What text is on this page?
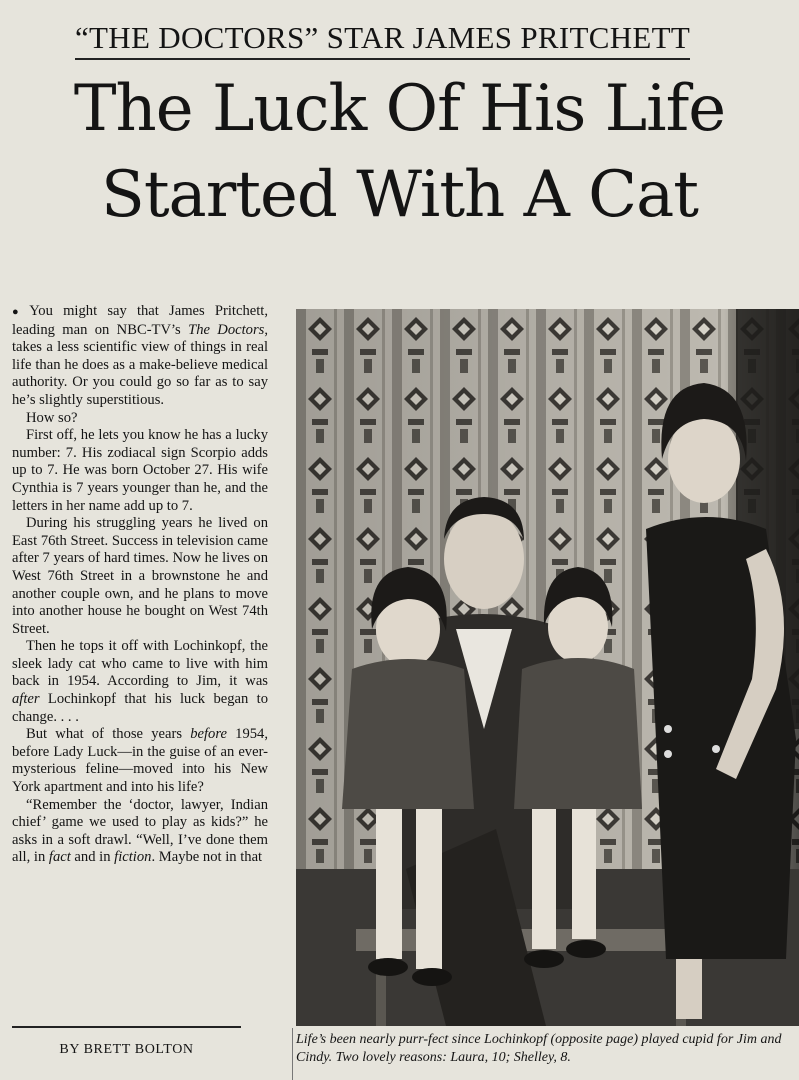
“THE DOCTORS” STAR JAMES PRITCHETT
The Luck Of His Life
Started With A Cat

● You might say that James Pritchett, leading man on NBC-TV’s The Doctors, takes a less scientific view of things in real life than he does as a make-believe medical authority. Or you could go so far as to say he’s slightly superstitious.

How so?

First off, he lets you know he has a lucky number: 7. His zodiacal sign Scorpio adds up to 7. He was born October 27. His wife Cynthia is 7 years younger than he, and the letters in her name add up to 7.

During his struggling years he lived on East 76th Street. Success in television came after 7 years of hard times. Now he lives on West 76th Street in a brownstone he and another couple own, and he plans to move into another house he bought on West 74th Street.

Then he tops it off with Lochinkopf, the sleek lady cat who came to live with him back in 1954. According to Jim, it was after Lochinkopf that his luck began to change. . . .

But what of those years before 1954, before Lady Luck—in the guise of an ever-mysterious feline—moved into his New York apartment and into his life?

“Remember the ‘doctor, lawyer, Indian chief’ game we used to play as kids?” he asks in a soft drawl. “Well, I’ve done them all, in fact and in fiction. Maybe not in that

BY BRETT BOLTON
Life’s been nearly purr-fect since Lochinkopf (opposite page) played cupid for Jim and Cindy. Two lovely reasons: Laura, 10; Shelley, 8.
